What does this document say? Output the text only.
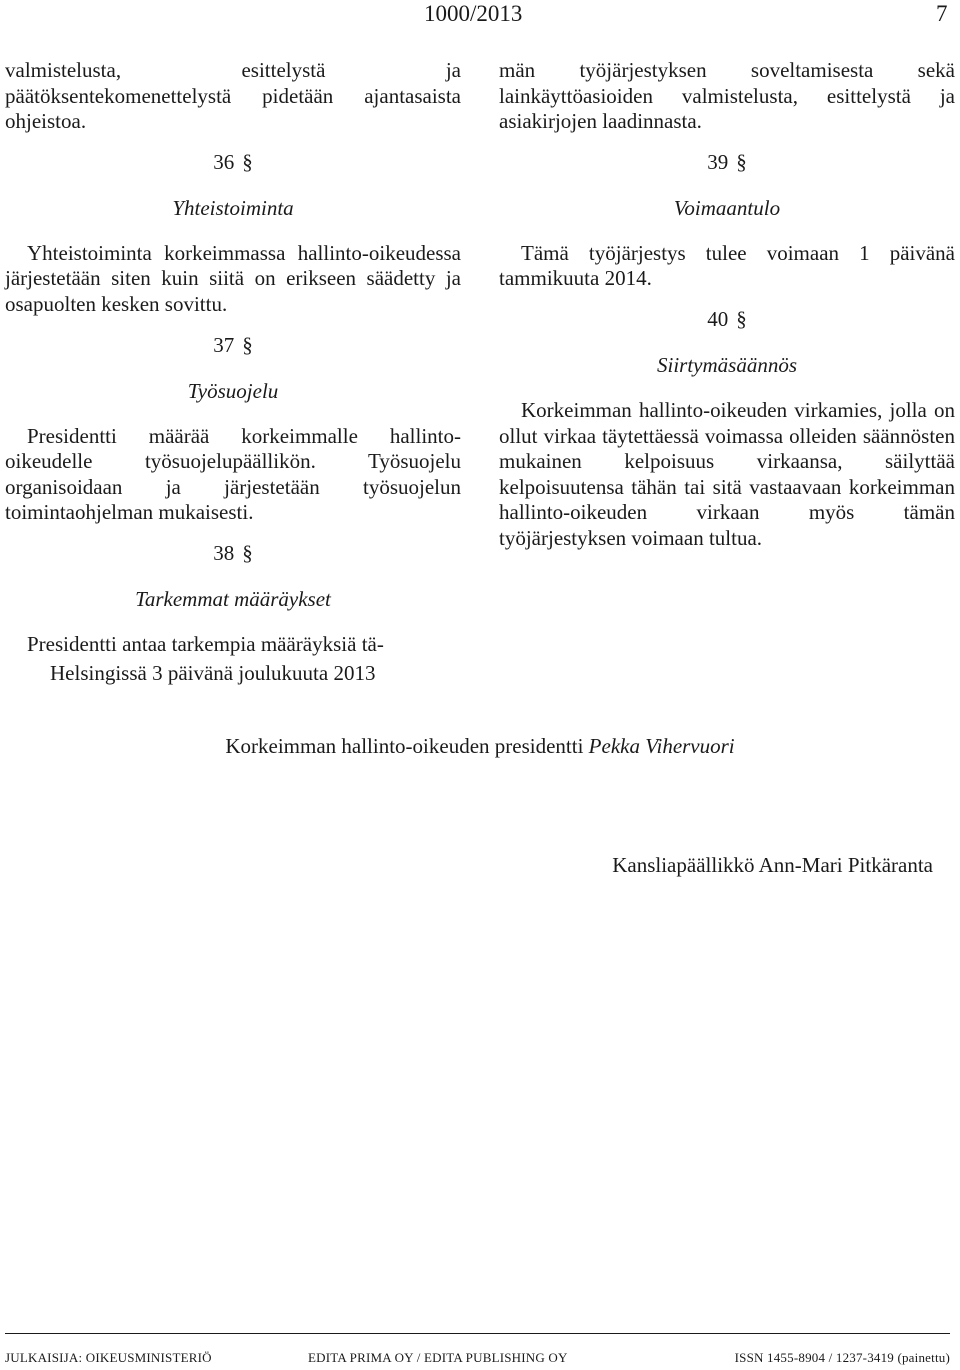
1000/2013	7

valmistelusta, esittelystä ja päätöksentekomenettelystä pidetään ajantasaista ohjeistoa.

36 §
Yhteistoiminta

Yhteistoiminta korkeimmassa hallinto-oikeudessa järjestetään siten kuin siitä on erikseen säädetty ja osapuolten kesken sovittu.

37 §
Työsuojelu

Presidentti määrää korkeimmalle hallinto-oikeudelle työsuojelupäällikön. Työsuojelu organisoidaan ja järjestetään työsuojelun toimintaohjelman mukaisesti.

38 §
Tarkemmat määräykset

Presidentti antaa tarkempia määräyksiä tä-

män työjärjestyksen soveltamisesta sekä lainkäyttöasioiden valmistelusta, esittelystä ja asiakirjojen laadinnasta.

39 §
Voimaantulo

Tämä työjärjestys tulee voimaan 1 päivänä tammikuuta 2014.

40 §
Siirtymäsäännös

Korkeimman hallinto-oikeuden virkamies, jolla on ollut virkaa täytettäessä voimassa olleiden säännösten mukainen kelpoisuus virkaansa, säilyttää kelpoisuutensa tähän tai sitä vastaavaan korkeimman hallinto-oikeuden virkaan myös tämän työjärjestyksen voimaan tultua.

Helsingissä 3 päivänä joulukuuta 2013
Korkeimman hallinto-oikeuden presidentti Pekka Vihervuori
Kansliapäällikkö Ann-Mari Pitkäranta
JULKAISIJA: OIKEUSMINISTERIÖ	EDITA PRIMA OY / EDITA PUBLISHING OY	ISSN 1455-8904 / 1237-3419 (painettu)
